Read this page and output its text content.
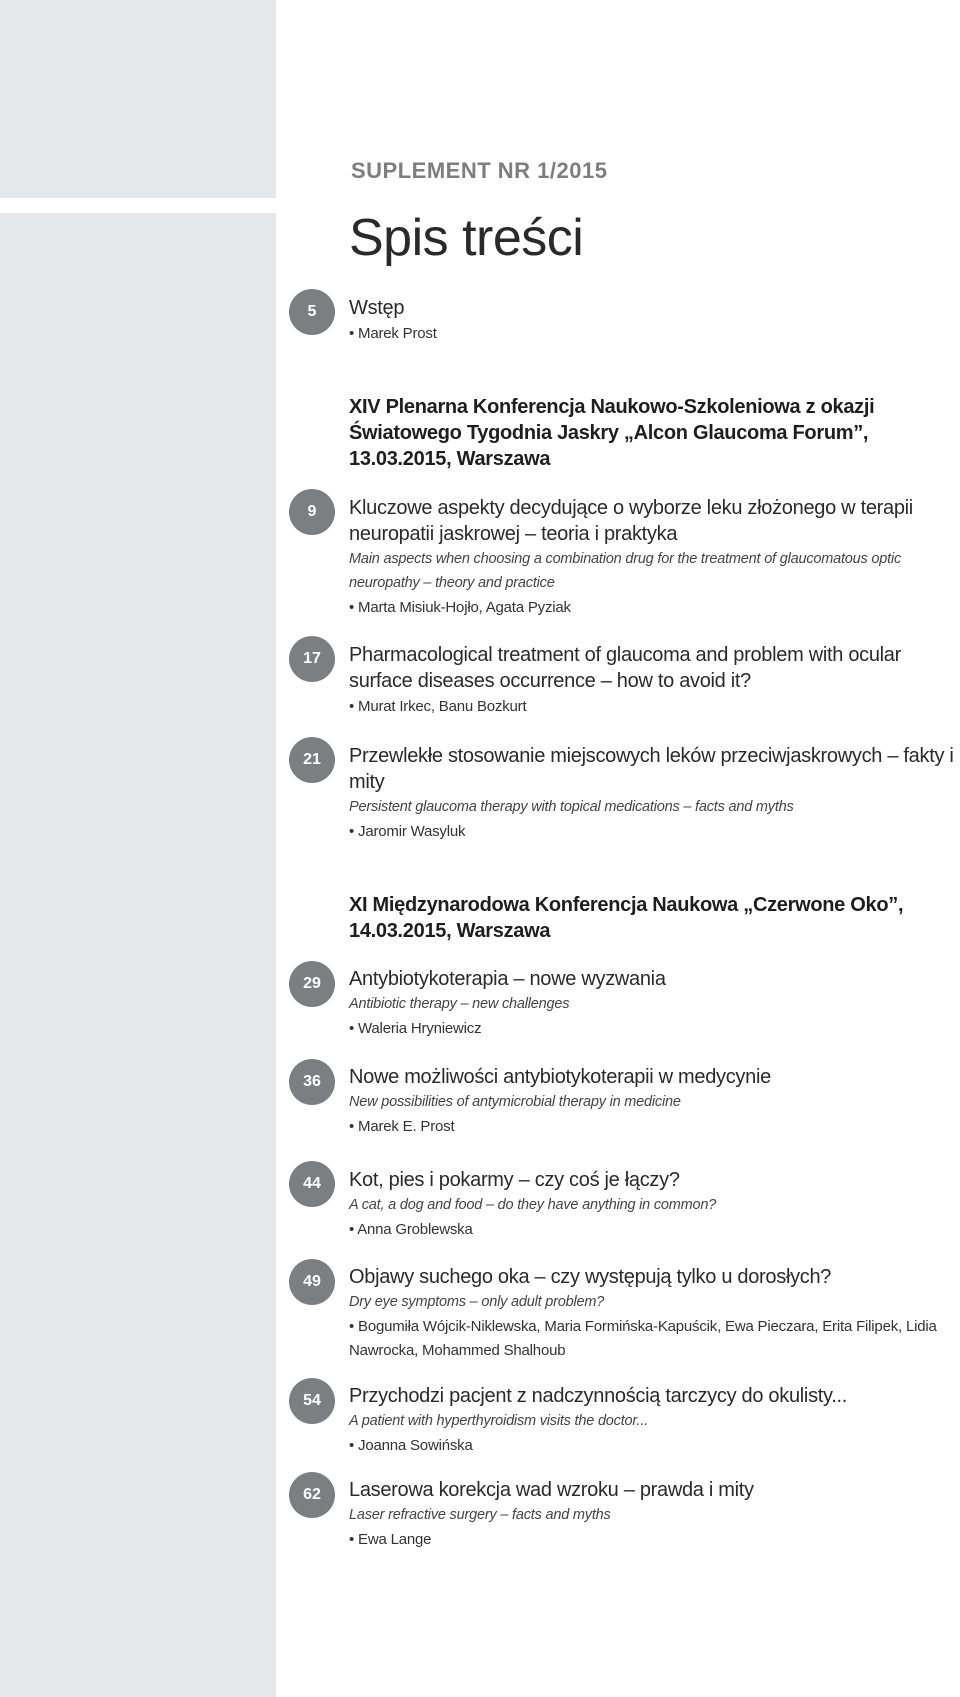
SUPLEMENT NR 1/2015
Spis treści
5	Wstęp
• Marek Prost
XIV Plenarna Konferencja Naukowo-Szkoleniowa z okazji Światowego Tygodnia Jaskry „Alcon Glaucoma Forum”, 13.03.2015, Warszawa
9	Kluczowe aspekty decydujące o wyborze leku złożonego w terapii neuropatii jaskrowej – teoria i praktyka
Main aspects when choosing a combination drug for the treatment of glaucomatous optic neuropathy – theory and practice
• Marta Misiuk-Hojło, Agata Pyziak
17	Pharmacological treatment of glaucoma and problem with ocular surface diseases occurrence – how to avoid it?
• Murat Irkec, Banu Bozkurt
21	Przewlekłe stosowanie miejscowych leków przeciwjaskrowych – fakty i mity
Persistent glaucoma therapy with topical medications – facts and myths
• Jaromir Wasyluk
XI Międzynarodowa Konferencja Naukowa „Czerwone Oko”, 14.03.2015, Warszawa
29	Antybiotykoterapia – nowe wyzwania
Antibiotic therapy – new challenges
• Waleria Hryniewicz
36	Nowe możliwości antybiotykoterapii w medycynie
New possibilities of antymicrobial therapy in medicine
• Marek E. Prost
44	Kot, pies i pokarmy – czy coś je łączy?
A cat, a dog and food – do they have anything in common?
• Anna Groblewska
49	Objawy suchego oka – czy występują tylko u dorosłych?
Dry eye symptoms – only adult problem?
• Bogumiła Wójcik-Niklewska, Maria Formińska-Kapuścik, Ewa Pieczara, Erita Filipek, Lidia Nawrocka, Mohammed Shalhoub
54	Przychodzi pacjent z nadczynnością tarczycy do okulisty...
A patient with hyperthyroidism visits the doctor...
• Joanna Sowińska
62	Laserowa korekcja wad wzroku – prawda i mity
Laser refractive surgery – facts and myths
• Ewa Lange
